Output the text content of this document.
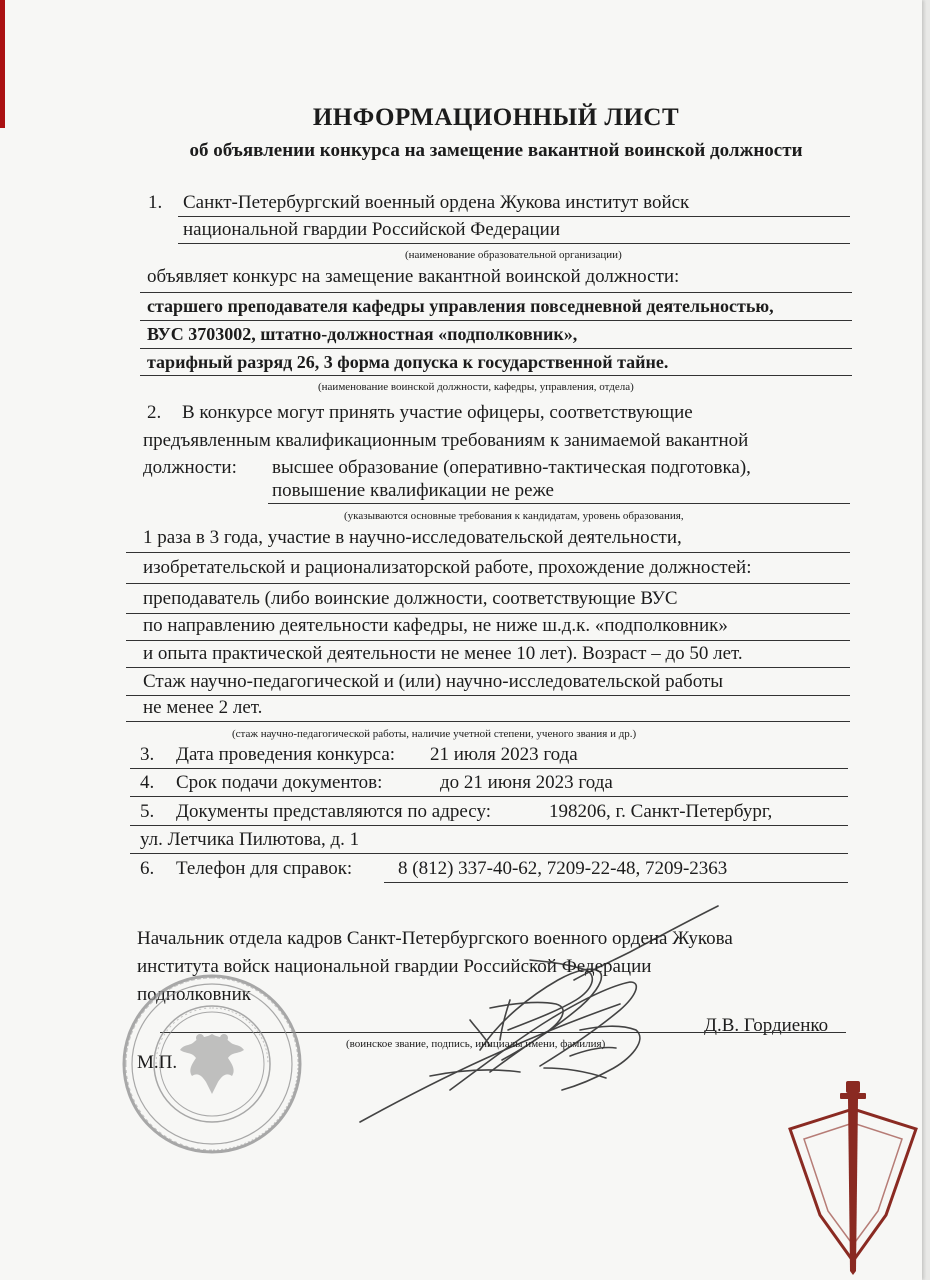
ИНФОРМАЦИОННЫЙ ЛИСТ
об объявлении конкурса на замещение вакантной воинской должности
1. Санкт-Петербургский военный ордена Жукова институт войск
национальной гвардии Российской Федерации
(наименование образовательной организации)
объявляет конкурс на замещение вакантной воинской должности:
старшего преподавателя кафедры управления повседневной деятельностью,
ВУС 3703002, штатно-должностная «подполковник»,
тарифный разряд 26, 3 форма допуска к государственной тайне.
(наименование воинской должности, кафедры, управления, отдела)
2. В конкурсе могут принять участие офицеры, соответствующие
предъявленным квалификационным требованиям к занимаемой вакантной
должности: высшее образование (оперативно-тактическая подготовка),
повышение квалификации не реже
(указываются основные требования к кандидатам, уровень образования,
1 раза в 3 года, участие в научно-исследовательской деятельности,
изобретательской и рационализаторской работе, прохождение должностей:
преподаватель (либо воинские должности, соответствующие ВУС
по направлению деятельности кафедры, не ниже ш.д.к. «подполковник»
и опыта практической деятельности не менее 10 лет). Возраст – до 50 лет.
Стаж научно-педагогической и (или) научно-исследовательской работы
не менее 2 лет.
(стаж научно-педагогической работы, наличие учетной степени, ученого звания и др.)
3. Дата проведения конкурса: 21 июля 2023 года
4. Срок подачи документов:	до 21 июня 2023 года
5. Документы представляются по адресу:	198206, г. Санкт-Петербург,
ул. Летчика Пилютова, д. 1
6. Телефон для справок: 8 (812) 337-40-62, 7209-22-48, 7209-2363
Начальник отдела кадров Санкт-Петербургского военного ордена Жукова
института войск национальной гвардии Российской Федерации
подполковник
Д.В. Гордиенко
(воинское звание, подпись, инициалы имени, фамилия)
М.П.
